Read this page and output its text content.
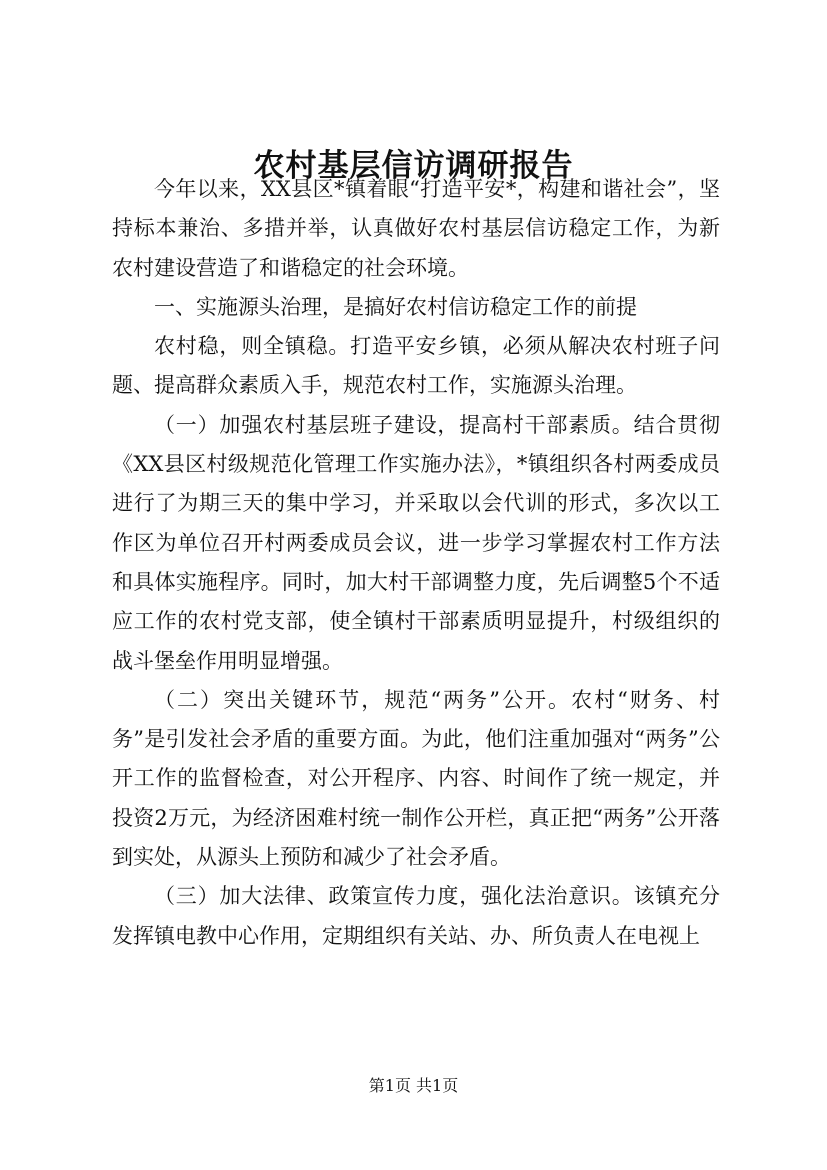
农村基层信访调研报告

今年以来，XX县区*镇着眼“打造平安*，构建和谐社会”，坚持标本兼治、多措并举，认真做好农村基层信访稳定工作，为新农村建设营造了和谐稳定的社会环境。

一、实施源头治理，是搞好农村信访稳定工作的前提

农村稳，则全镇稳。打造平安乡镇，必须从解决农村班子问题、提高群众素质入手，规范农村工作，实施源头治理。

（一）加强农村基层班子建设，提高村干部素质。结合贯彻《XX县区村级规范化管理工作实施办法》，*镇组织各村两委成员进行了为期三天的集中学习，并采取以会代训的形式，多次以工作区为单位召开村两委成员会议，进一步学习掌握农村工作方法和具体实施程序。同时，加大村干部调整力度，先后调整5个不适应工作的农村党支部，使全镇村干部素质明显提升，村级组织的战斗堡垒作用明显增强。

（二）突出关键环节，规范“两务”公开。农村“财务、村务”是引发社会矛盾的重要方面。为此，他们注重加强对“两务”公开工作的监督检查，对公开程序、内容、时间作了统一规定，并投资2万元，为经济困难村统一制作公开栏，真正把“两务”公开落到实处，从源头上预防和减少了社会矛盾。

（三）加大法律、政策宣传力度，强化法治意识。该镇充分发挥镇电教中心作用，定期组织有关站、办、所负责人在电视上

第1页 共1页
